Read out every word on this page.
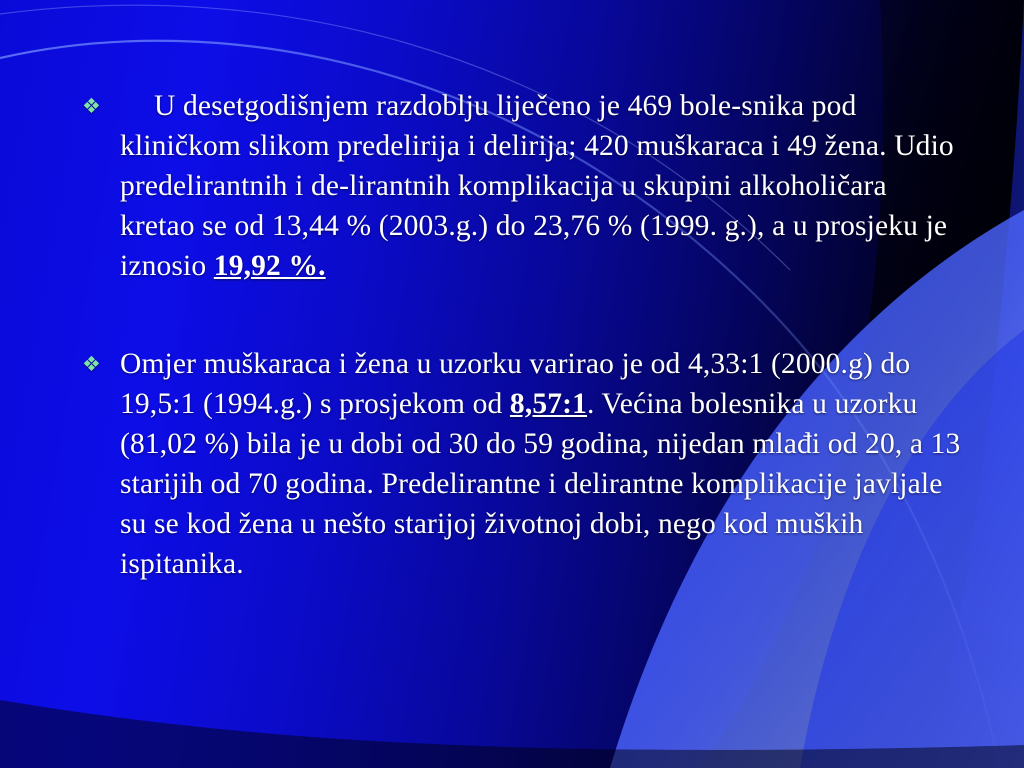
❖	U desetgodišnjem razdoblju liječeno je 469 bole-snika pod kliničkom slikom predelirija i delirija; 420 muškaraca i 49 žena. Udio predelirantnih i de-lirantnih komplikacija u skupini alkoholičara kretao se od 13,44 % (2003.g.) do 23,76 % (1999. g.), a u prosjeku je iznosio 19,92 %.
❖ Omjer muškaraca i žena u uzorku varirao je od 4,33:1 (2000.g) do 19,5:1 (1994.g.) s prosjekom od 8,57:1. Većina bolesnika u uzorku (81,02 %) bila je u dobi od 30 do 59 godina, nijedan mlađi od 20, a 13 starijih od 70 godina. Predelirantne i delirantne komplikacije javljale su se kod žena u nešto starijoj životnoj dobi, nego kod muških ispitanika.
